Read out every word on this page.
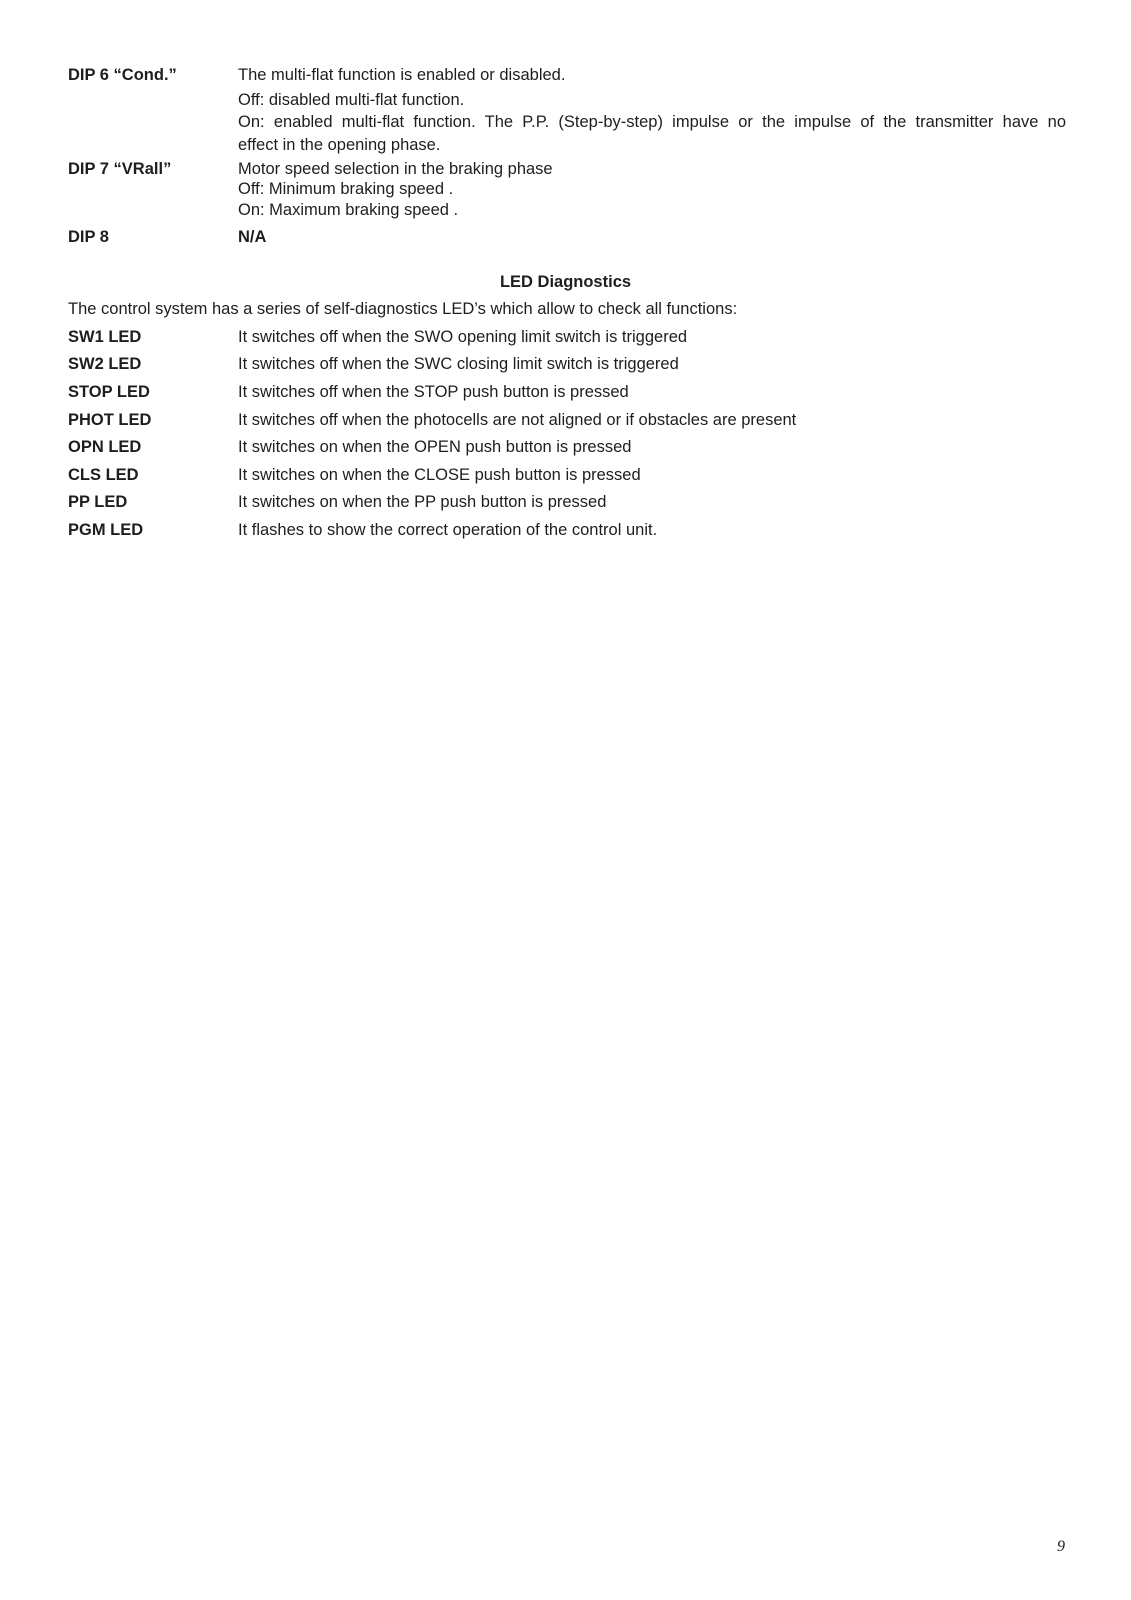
DIP 6 “Cond.”	The multi-flat function is enabled or disabled.
Off: disabled multi-flat function.
On: enabled multi-flat function. The P.P. (Step-by-step) impulse or the impulse of the transmitter have no
effect in the opening phase.
DIP 7 “VRall”	Motor speed selection in the braking phase
Off: Minimum braking speed .
On: Maximum braking speed .
DIP 8	N/A
LED Diagnostics
The control system has a series of self-diagnostics LED’s which allow to check all functions:
SW1 LED	It switches off when the SWO opening limit switch is triggered
SW2 LED	It switches off when the SWC closing limit switch is triggered
STOP LED	It switches off when the STOP push button is pressed
PHOT LED	It switches off when the photocells are not aligned or if obstacles are present
OPN LED	It switches on when the OPEN push button is pressed
CLS LED	It switches on when the CLOSE push button is pressed
PP LED	It switches on when the PP push button is pressed
PGM LED	It flashes to show the correct operation of the control unit.
9
